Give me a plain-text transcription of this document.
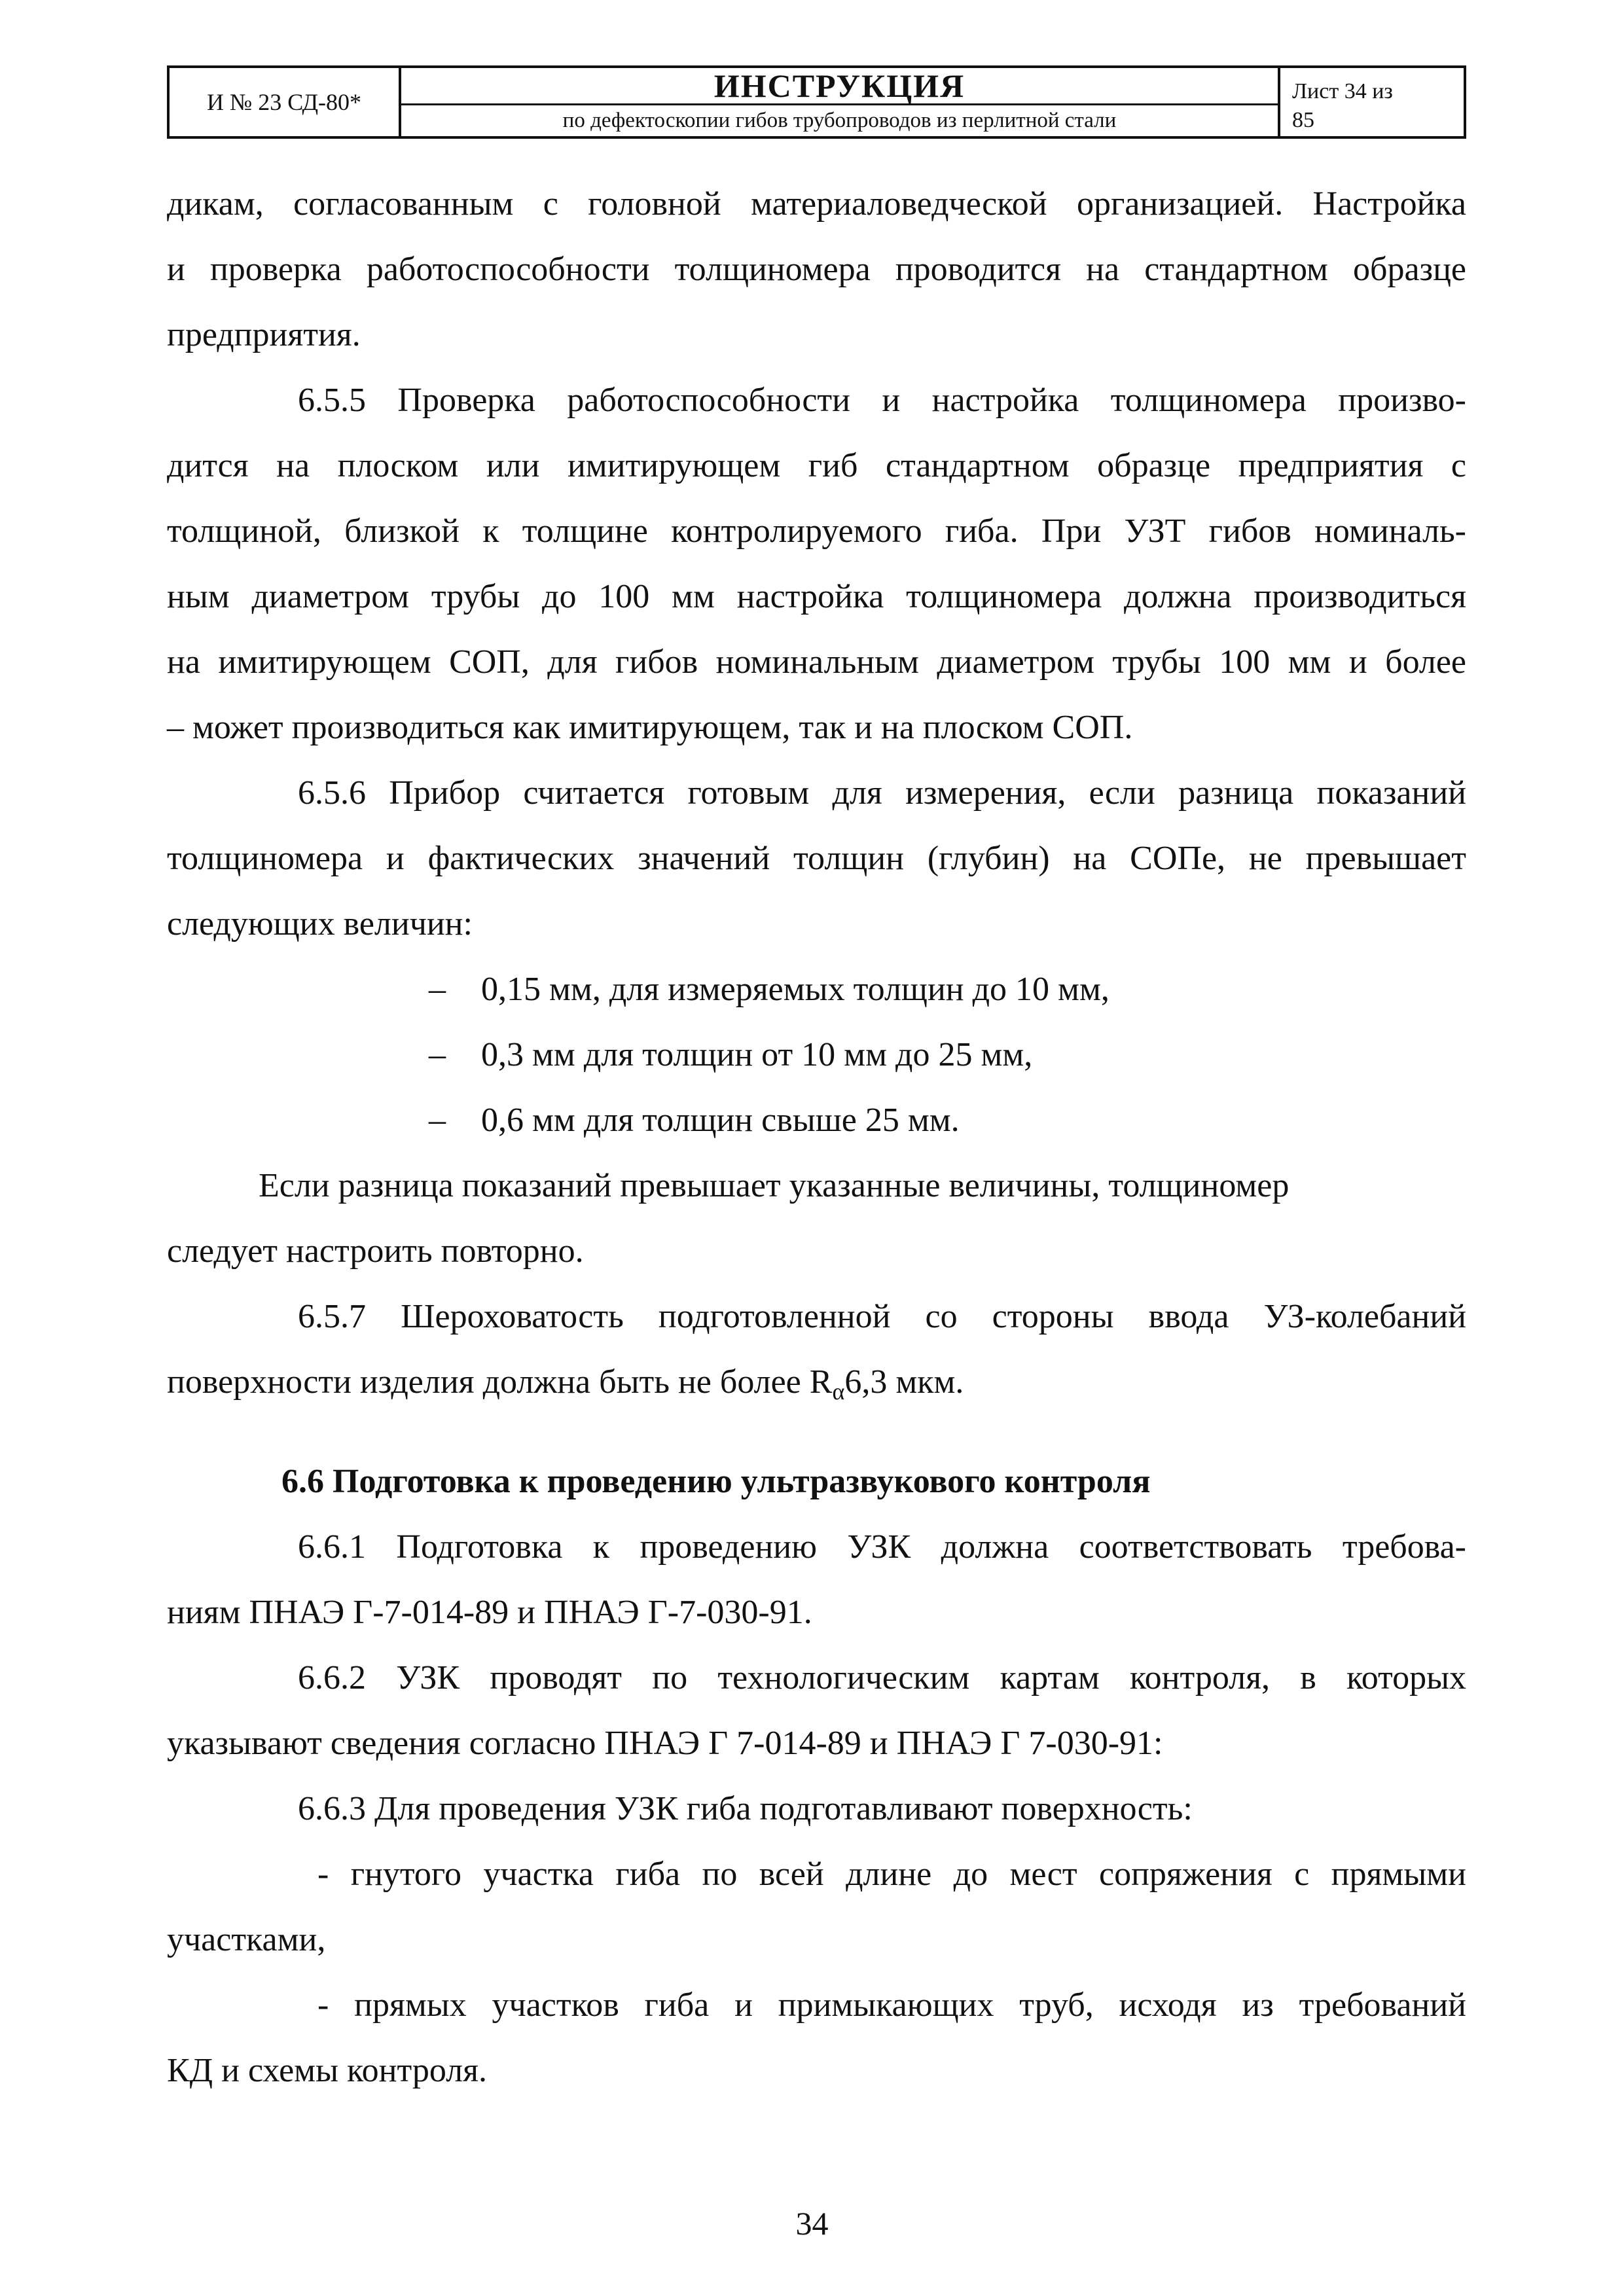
И № 23 СД-80*	ИНСТРУКЦИЯ
по дефектоскопии гибов трубопроводов из перлитной стали
Лист 34 из
85
дикам, согласованным с головной материаловедческой организацией. Настройка
и проверка работоспособности толщиномера проводится на стандартном образце
предприятия.
6.5.5 Проверка работоспособности и настройка толщиномера произво-
дится на плоском или имитирующем гиб стандартном образце предприятия с
толщиной, близкой к толщине контролируемого гиба. При УЗТ гибов номиналь-
ным диаметром трубы до 100 мм настройка толщиномера должна производиться
на имитирующем СОП, для гибов номинальным диаметром трубы 100 мм и более
– может производиться как имитирующем, так и на плоском СОП.
6.5.6 Прибор считается готовым для измерения, если разница показаний
толщиномера и фактических значений толщин (глубин) на СОПе, не превышает
следующих величин:
– 0,15 мм, для измеряемых толщин до 10 мм,
– 0,3 мм для толщин от 10 мм до 25 мм,
– 0,6 мм для толщин свыше 25 мм.
Если разница показаний превышает указанные величины, толщиномер
следует настроить повторно.
6.5.7 Шероховатость подготовленной со стороны ввода УЗ-колебаний
поверхности изделия должна быть не более $R_\alpha 6,3$ мкм.
6.6 Подготовка к проведению ультразвукового контроля
6.6.1 Подготовка к проведению УЗК должна соответствовать требова-
ниям ПНАЭ Г-7-014-89 и ПНАЭ Г-7-030-91.
6.6.2 УЗК проводят по технологическим картам контроля, в которых
указывают сведения согласно ПНАЭ Г 7-014-89 и ПНАЭ Г 7-030-91:
6.6.3 Для проведения УЗК гиба подготавливают поверхность:
- гнутого участка гиба по всей длине до мест сопряжения с прямыми
участками,
- прямых участков гиба и примыкающих труб, исходя из требований
КД и схемы контроля.
34
